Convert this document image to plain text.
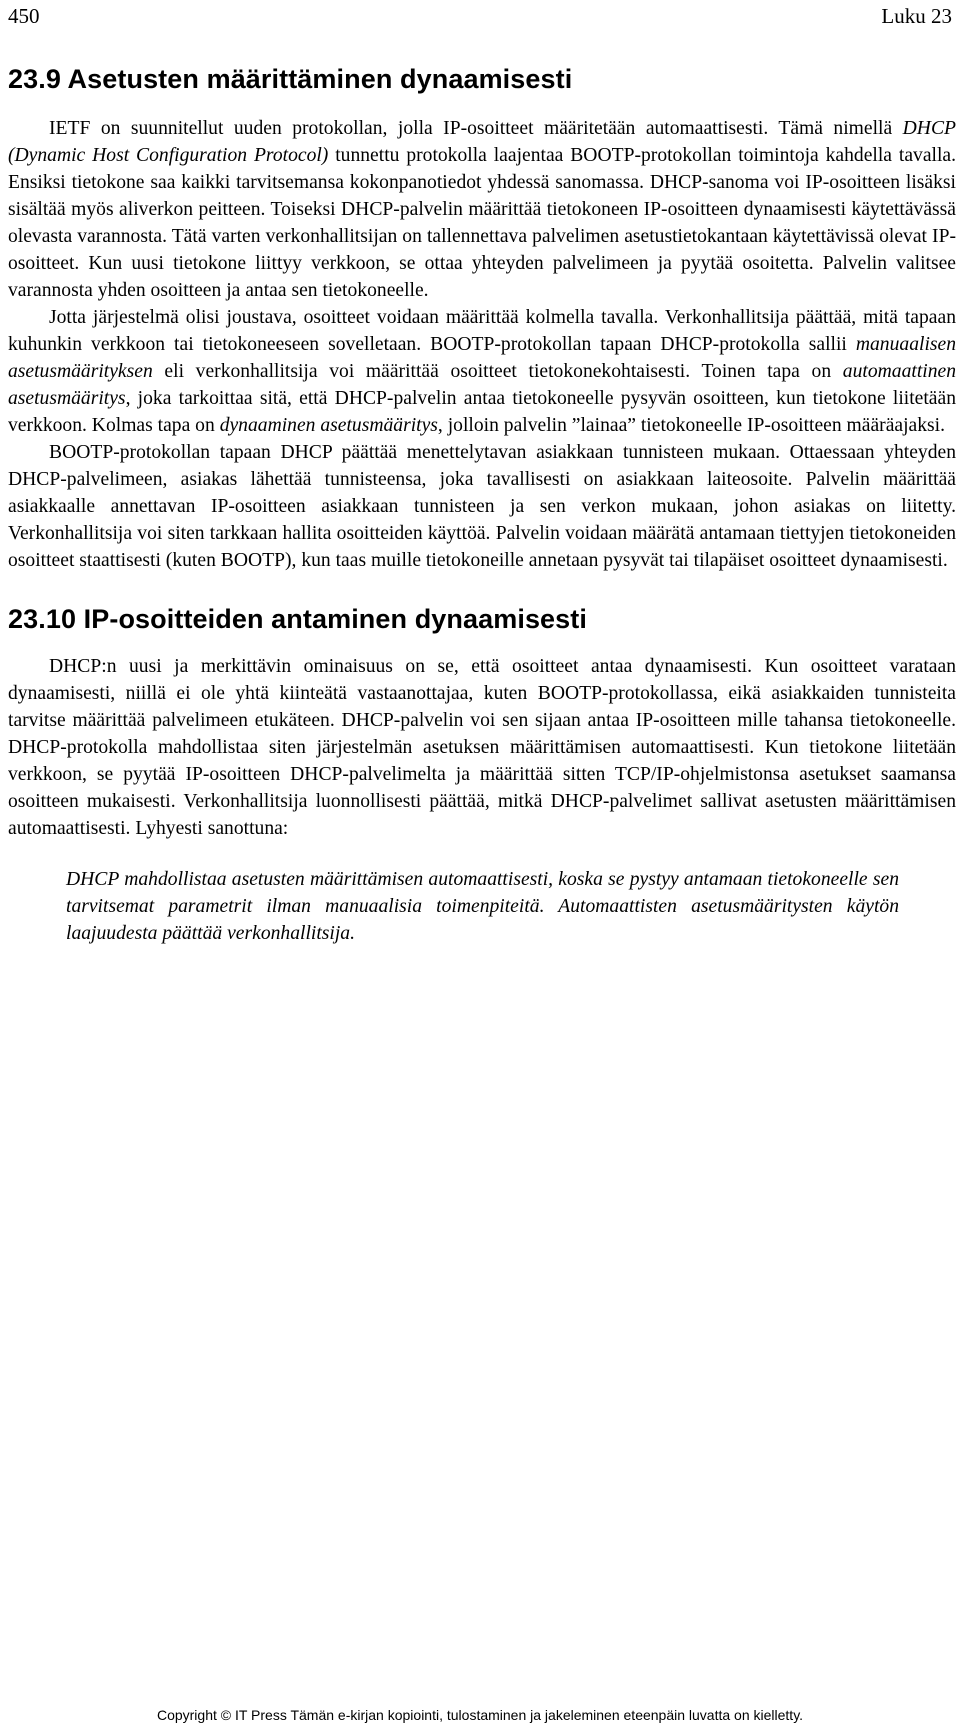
450	Luku 23
23.9 Asetusten määrittäminen dynaamisesti

IETF on suunnitellut uuden protokollan, jolla IP-osoitteet määritetään automaattisesti. Tämä nimellä DHCP (Dynamic Host Configuration Protocol) tunnettu protokolla laajentaa BOOTP-protokollan toimintoja kahdella tavalla. Ensiksi tietokone saa kaikki tarvitsemansa kokonpanotiedot yhdessä sanomassa. DHCP-sanoma voi IP-osoitteen lisäksi sisältää myös aliverkon peitteen. Toiseksi DHCP-palvelin määrittää tietokoneen IP-osoitteen dynaamisesti käytettävässä olevasta varannosta. Tätä varten verkonhallitsijan on tallennettava palvelimen asetustietokantaan käytettävissä olevat IP-osoitteet. Kun uusi tietokone liittyy verkkoon, se ottaa yhteyden palvelimeen ja pyytää osoitetta. Palvelin valitsee varannosta yhden osoitteen ja antaa sen tietokoneelle.

Jotta järjestelmä olisi joustava, osoitteet voidaan määrittää kolmella tavalla. Verkonhallitsija päättää, mitä tapaan kuhunkin verkkoon tai tietokoneeseen sovelletaan. BOOTP-protokollan tapaan DHCP-protokolla sallii manuaalisen asetusmäärityksen eli verkonhallitsija voi määrittää osoitteet tietokonekohtaisesti. Toinen tapa on automaattinen asetusmääritys, joka tarkoittaa sitä, että DHCP-palvelin antaa tietokoneelle pysyvän osoitteen, kun tietokone liitetään verkkoon. Kolmas tapa on dynaaminen asetusmääritys, jolloin palvelin ”lainaa” tietokoneelle IP-osoitteen määräajaksi.

BOOTP-protokollan tapaan DHCP päättää menettelytavan asiakkaan tunnisteen mukaan. Ottaessaan yhteyden DHCP-palvelimeen, asiakas lähettää tunnisteensa, joka tavallisesti on asiakkaan laiteosoite. Palvelin määrittää asiakkaalle annettavan IP-osoitteen asiakkaan tunnisteen ja sen verkon mukaan, johon asiakas on liitetty. Verkonhallitsija voi siten tarkkaan hallita osoitteiden käyttöä. Palvelin voidaan määrätä antamaan tiettyjen tietokoneiden osoitteet staattisesti (kuten BOOTP), kun taas muille tietokoneille annetaan pysyvät tai tilapäiset osoitteet dynaamisesti.

23.10 IP-osoitteiden antaminen dynaamisesti

DHCP:n uusi ja merkittävin ominaisuus on se, että osoitteet antaa dynaamisesti. Kun osoitteet varataan dynaamisesti, niillä ei ole yhtä kiinteätä vastaanottajaa, kuten BOOTP-protokollassa, eikä asiakkaiden tunnisteita tarvitse määrittää palvelimeen etukäteen. DHCP-palvelin voi sen sijaan antaa IP-osoitteen mille tahansa tietokoneelle. DHCP-protokolla mahdollistaa siten järjestelmän asetuksen määrittämisen automaattisesti. Kun tietokone liitetään verkkoon, se pyytää IP-osoitteen DHCP-palvelimelta ja määrittää sitten TCP/IP-ohjelmistonsa asetukset saamansa osoitteen mukaisesti. Verkonhallitsija luonnollisesti päättää, mitkä DHCP-palvelimet sallivat asetusten määrittämisen automaattisesti. Lyhyesti sanottuna:

DHCP mahdollistaa asetusten määrittämisen automaattisesti, koska se pystyy antamaan tietokoneelle sen tarvitsemat parametrit ilman manuaalisia toimenpiteitä. Automaattisten asetusmääritysten käytön laajuudesta päättää verkonhallitsija.

Copyright © IT Press Tämän e-kirjan kopiointi, tulostaminen ja jakeleminen eteenpäin luvatta on kielletty.
